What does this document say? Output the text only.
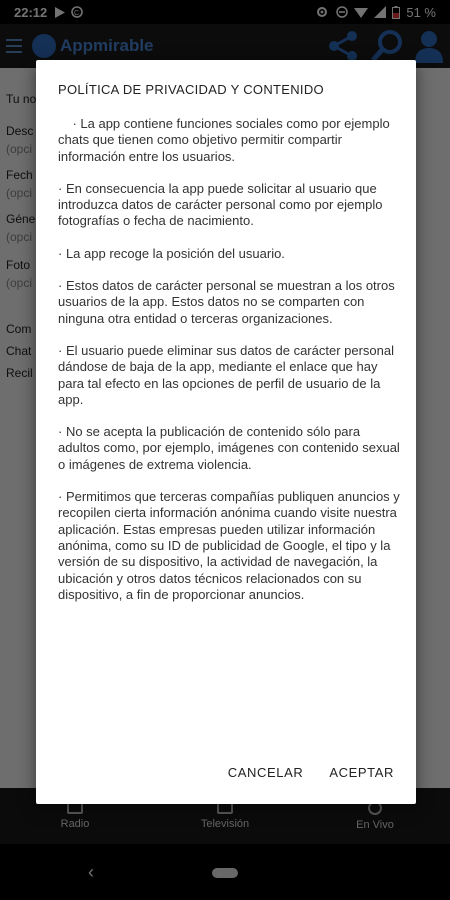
POLÍTICA DE PRIVACIDAD Y CONTENIDO

· La app contiene funciones sociales como por ejemplo chats que tienen como objetivo permitir compartir información entre los usuarios.

· En consecuencia la app puede solicitar al usuario que introduzca datos de carácter personal como por ejemplo fotografías o fecha de nacimiento.

· La app recoge la posición del usuario.

· Estos datos de carácter personal se muestran a los otros usuarios de la app. Estos datos no se comparten con ninguna otra entidad o terceras organizaciones.

· El usuario puede eliminar sus datos de carácter personal dándose de baja de la app, mediante el enlace que hay para tal efecto en las opciones de perfil de usuario de la app.

· No se acepta la publicación de contenido sólo para adultos como, por ejemplo, imágenes con contenido sexual o imágenes de extrema violencia.

· Permitimos que terceras compañías publiquen anuncios y recopilen cierta información anónima cuando visite nuestra aplicación. Estas empresas pueden utilizar información anónima, como su ID de publicidad de Google, el tipo y la versión de su dispositivo, la actividad de navegación, la ubicación y otros datos técnicos relacionados con su dispositivo, a fin de proporcionar anuncios.

CANCELAR ACEPTAR
